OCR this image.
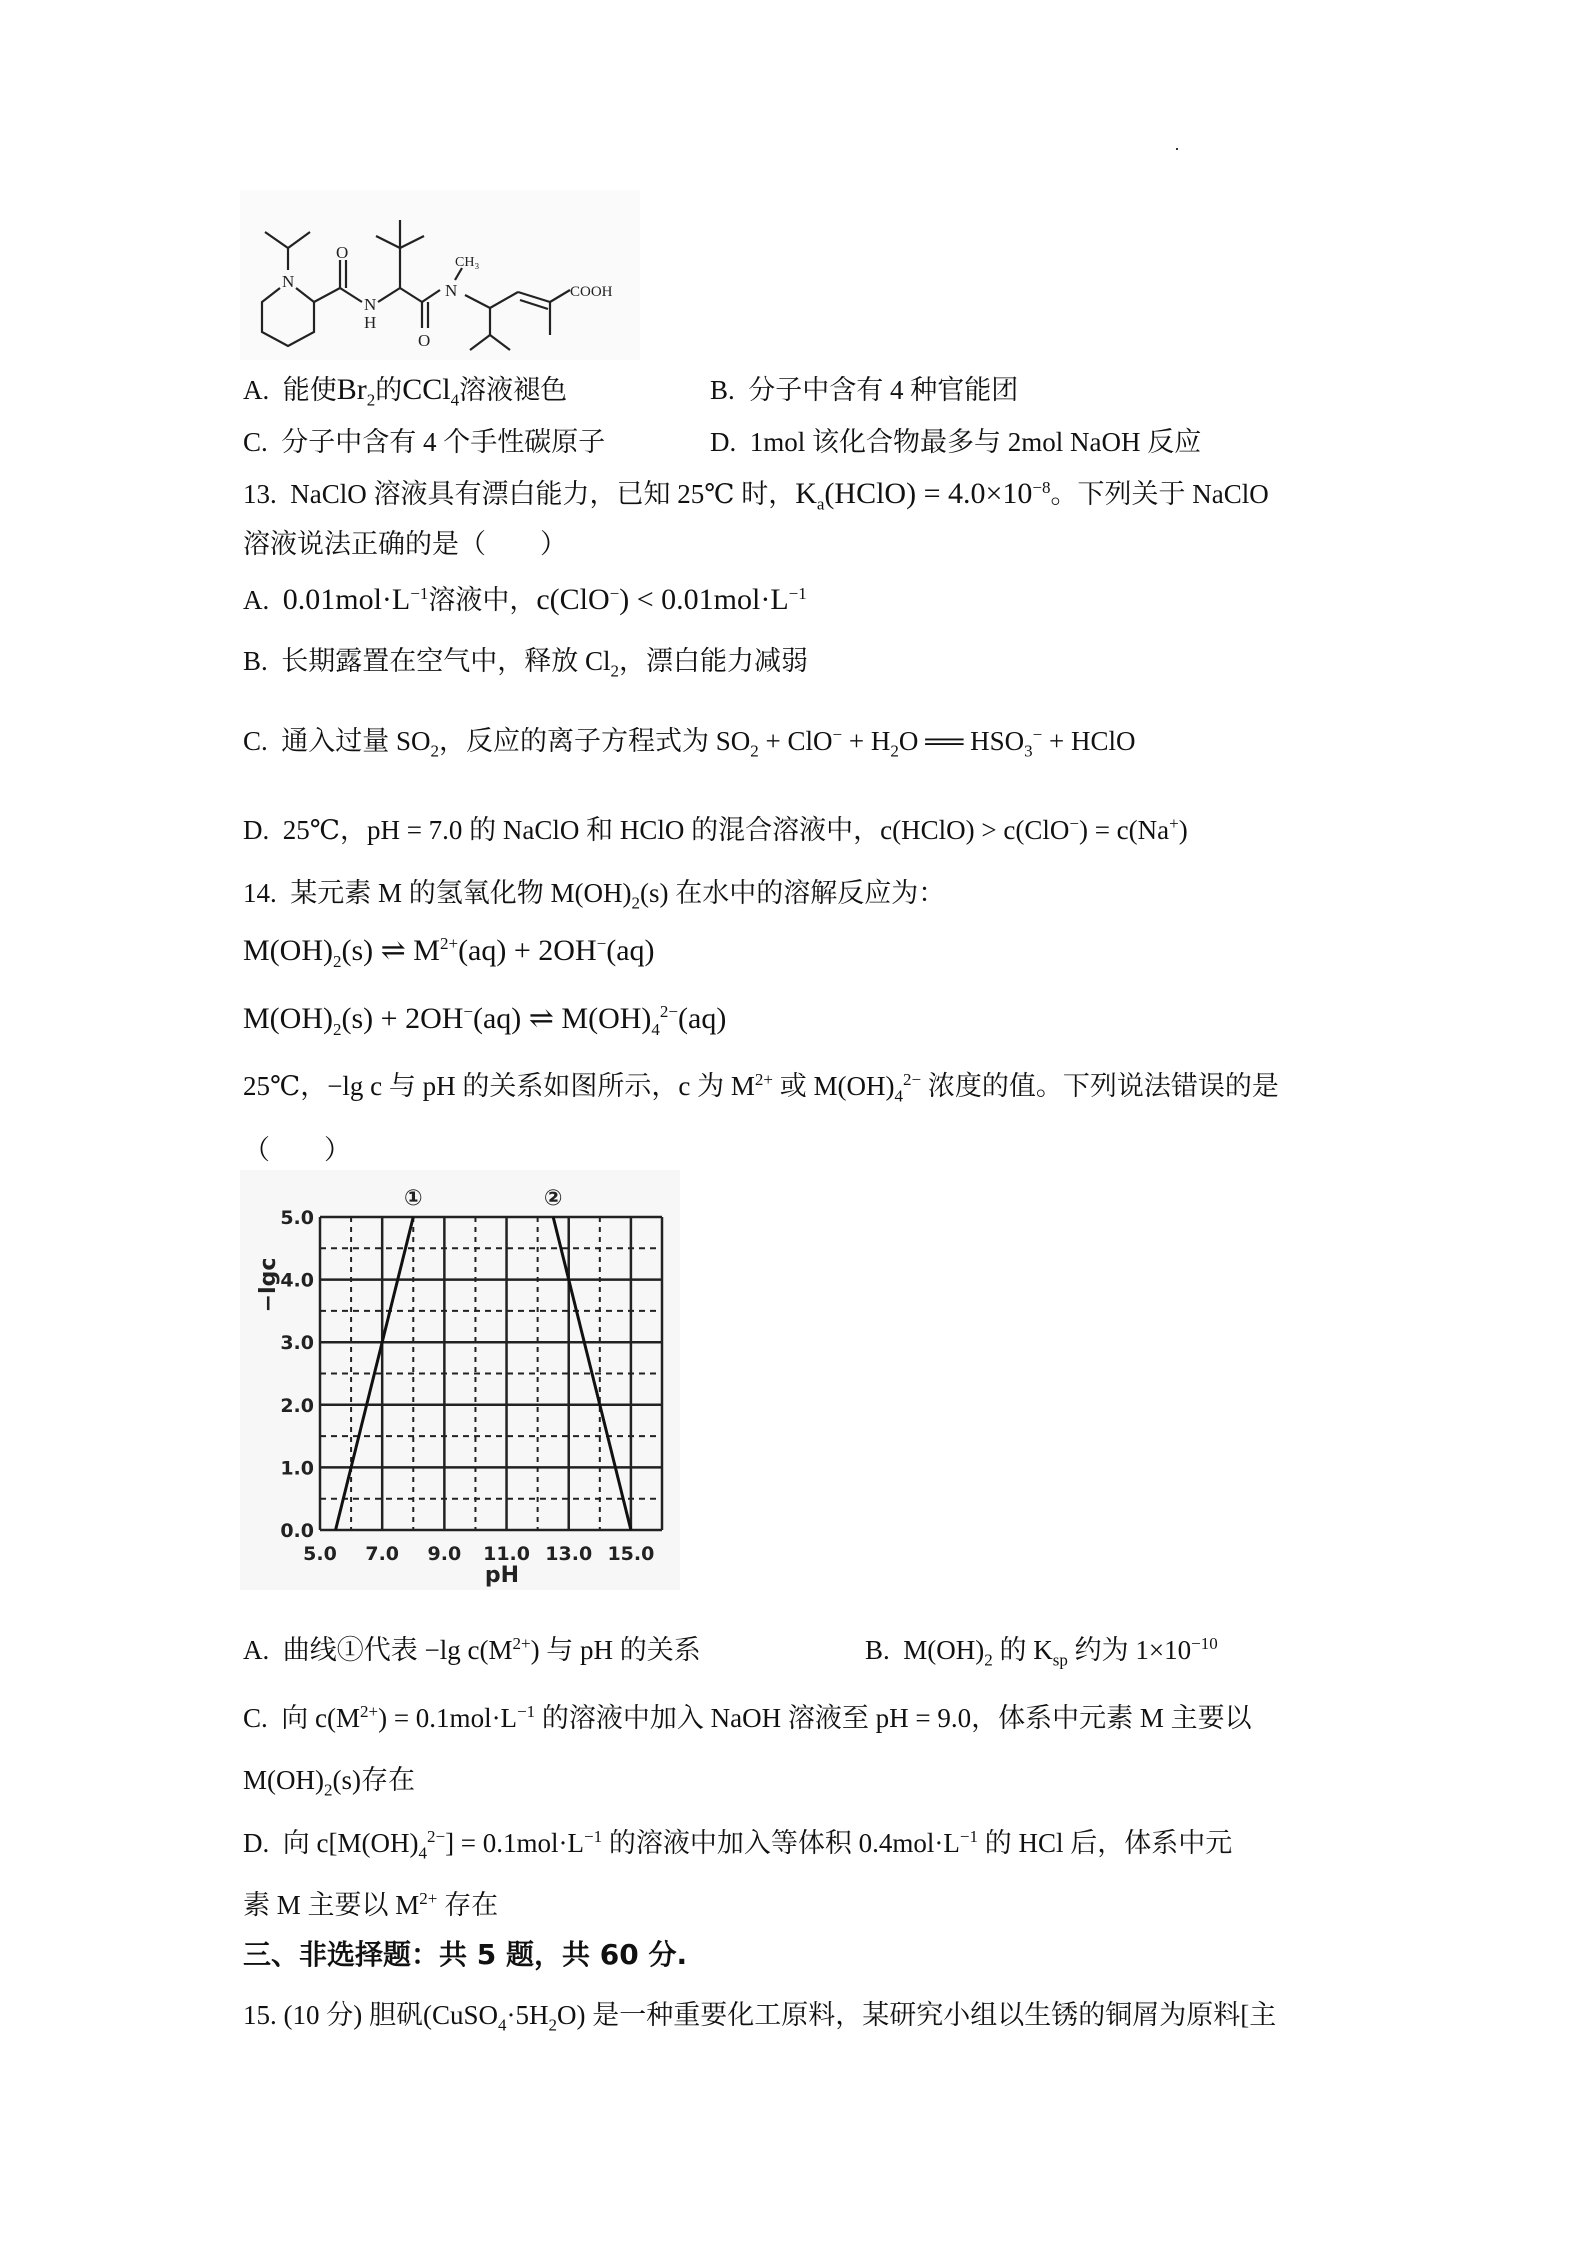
N
O
N
H
O
N
CH₃
COOH
A. 能使$Br_2$的CCl$_4$溶液褪色	B. 分子中含有 4 种官能团
C. 分子中含有 4 个手性碳原子	D. 1mol 该化合物最多与 2mol NaOH 反应
13. NaClO 溶液具有漂白能力，已知 25℃ 时，$K_a(HClO) = 4.0\times 10^{-8}$。下列关于 NaClO
溶液说法正确的是（　　）
A. $0.01mol\cdot L^{-1}$溶液中，$c(ClO^-) < 0.01mol\cdot L^{-1}$
B. 长期露置在空气中，释放 $Cl_2$，漂白能力减弱
C. 通入过量 $SO_2$，反应的离子方程式为 $SO_2 + ClO^- + H_2O$ ══ $HSO_3^-$ + HClO
D. 25℃，pH = 7.0 的 NaClO 和 HClO 的混合溶液中，c(HClO) > c(ClO−) = c(Na+)
14. 某元素 M 的氢氧化物 $M(OH)_2(s)$ 在水中的溶解反应为：
$M(OH)_2(s)$ ⇌ $M^{2+}(aq) + 2OH^-(aq)$
$M(OH)_2(s) + 2OH^-(aq)$ ⇌ $M(OH)_4^{2-}(aq)$
25℃，−lg c 与 pH 的关系如图所示，c 为 $M^{2+}$ 或 $M(OH)_4^{2-}$ 浓度的值。下列说法错误的是
（　　）
−lgc
pH
0.0
1.0
2.0
3.0
4.0
5.0
5.0 7.0 9.0 11.0 13.0 15.0
①	②
A. 曲线①代表 −lg $c(M^{2+})$ 与 pH 的关系	B. $M(OH)_2$ 的 $K_{sp}$ 约为 $1\times 10^{-10}$
C. 向 $c(M^{2+}) = 0.1mol\cdot L^{-1}$ 的溶液中加入 NaOH 溶液至 pH = 9.0，体系中元素 M 主要以
$M(OH)_2(s)$存在
D. 向 $c[M(OH)_4^{2-}] = 0.1mol\cdot L^{-1}$ 的溶液中加入等体积 $0.4mol\cdot L^{-1}$ 的 HCl 后，体系中元
素 M 主要以 $M^{2+}$ 存在
三、非选择题：共 5 题，共 60 分.
15. (10 分) 胆矾$(CuSO_4\cdot 5H_2O)$ 是一种重要化工原料，某研究小组以生锈的铜屑为原料[主
